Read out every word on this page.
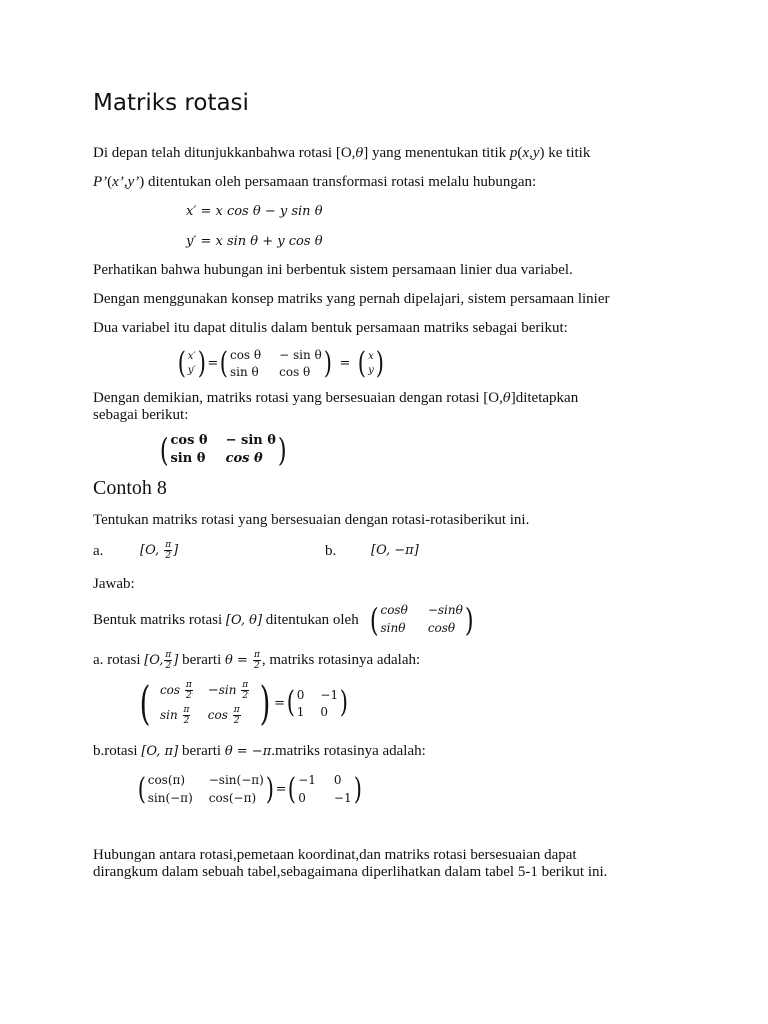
Matriks rotasi
Di depan telah ditunjukkanbahwa rotasi [O,θ] yang menentukan titik p(x,y) ke titik
P’(x’,y’) ditentukan oleh persamaan transformasi rotasi melalu hubungan:
x′ = x cos θ − y sin θ
y′ = x sin θ + y cos θ
Perhatikan bahwa hubungan ini berbentuk sistem persamaan linier dua variabel.
Dengan menggunakan konsep matriks yang pernah dipelajari, sistem persamaan linier
Dua variabel itu dapat ditulis dalam bentuk persamaan matriks sebagai berikut:
( x′
y′ ) = ( cos θ − sin θ
sin θ cos θ ) = ( x
y )
Dengan demikian, matriks rotasi yang bersesuaian dengan rotasi [O,θ]ditetapkan
sebagai berikut:
( cos θ − sin θ
sin θ cos θ )
Contoh 8
Tentukan matriks rotasi yang bersesuaian dengan rotasi-rotasiberikut ini.
a.	[O, $\frac{\pi}{2}$ ]	b.	[O, −π]
Jawab:
Bentuk matriks rotasi [O, θ] ditentukan oleh ( cosθ −sinθ
sinθ cosθ )
a. rotasi [O, $\frac{\pi}{2}$ ] berarti $\theta = \frac{\pi}{2}$ , matriks rotasinya adalah:
( $\cos \frac{\pi}{2} -\sin \frac{\pi}{2}$
$\sin \frac{\pi}{2}$ $\cos \frac{\pi}{2}$ ) = ( 0 −1
1 0 )
b.rotasi [O, π] berarti θ = −π.matriks rotasinya adalah:
( cos(π)	−sin(−π)
sin(−π) cos(−π) ) = ( −1 0
0	−1 )
Hubungan antara rotasi,pemetaan koordinat,dan matriks rotasi bersesuaian dapat
dirangkum dalam sebuah tabel,sebagaimana diperlihatkan dalam tabel 5-1 berikut ini.
